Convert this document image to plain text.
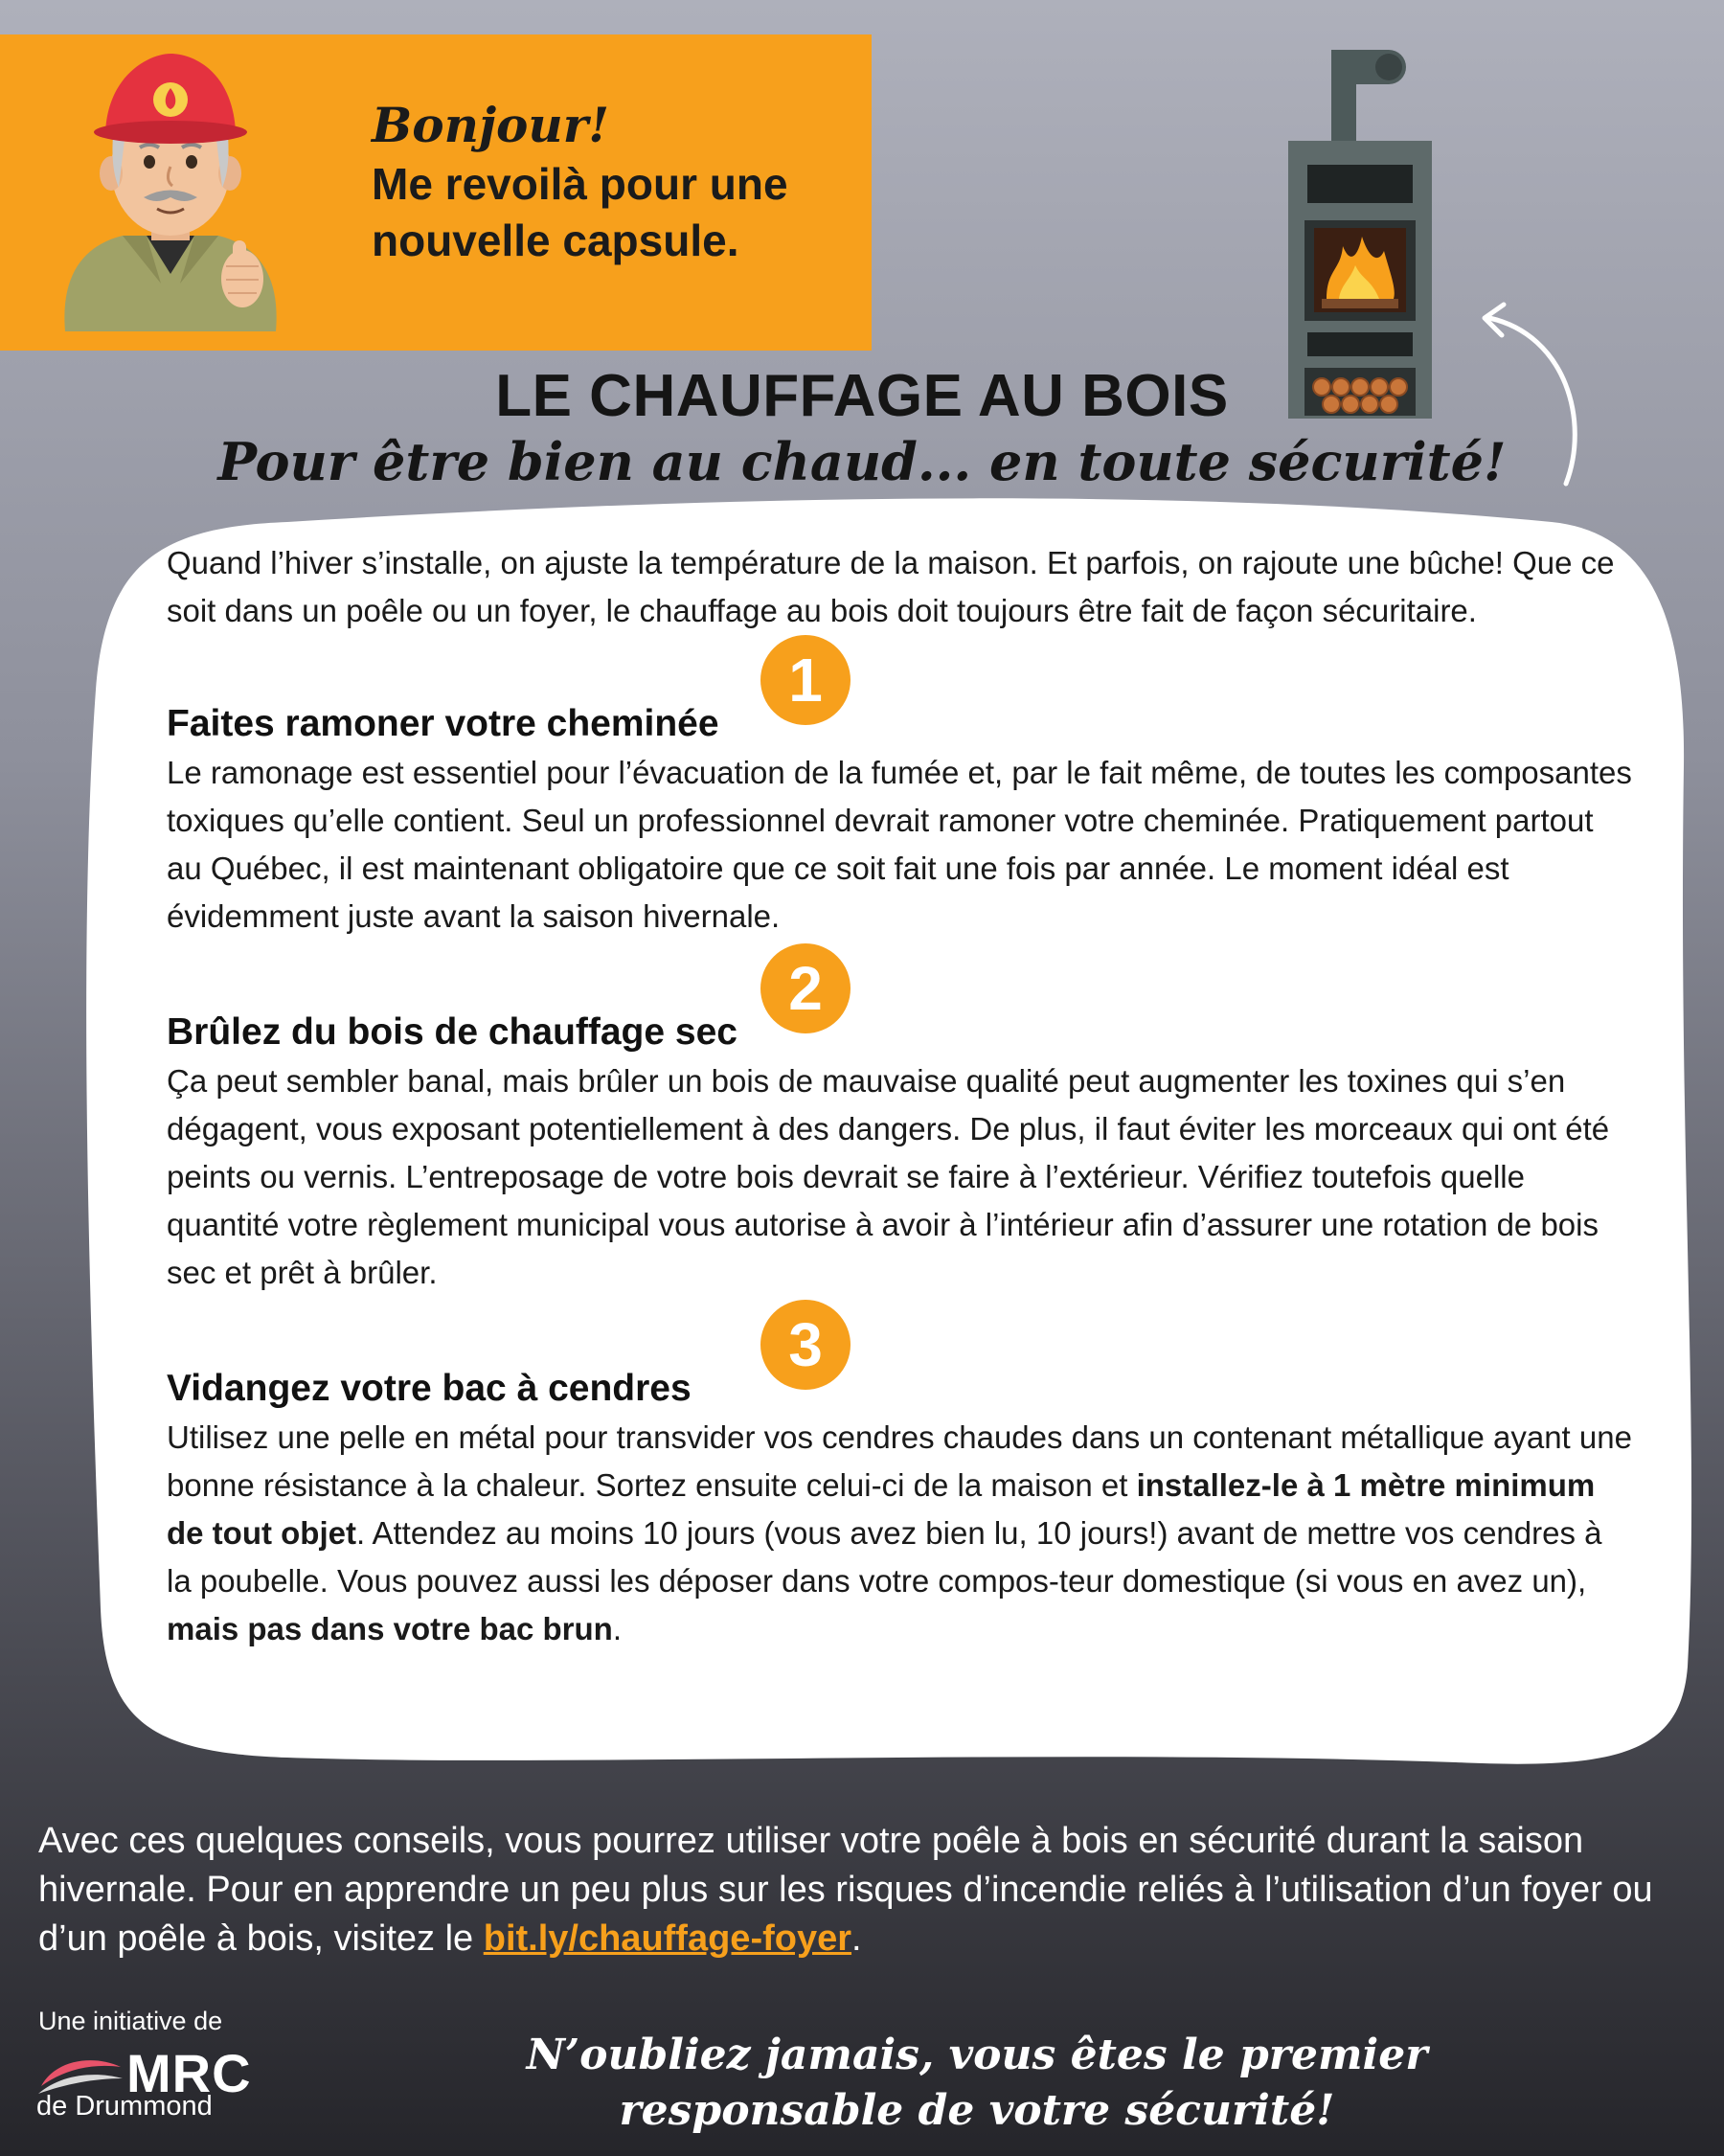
Bonjour!
Me revoilà pour une
nouvelle capsule.
LE CHAUFFAGE AU BOIS
Pour être bien au chaud... en toute sécurité!

Quand l’hiver s’installe, on ajuste la température de la maison. Et parfois, on rajoute une bûche! Que ce soit dans un poêle ou un foyer, le chauffage au bois doit toujours être fait de façon sécuritaire.

1

Faites ramoner votre cheminée

Le ramonage est essentiel pour l’évacuation de la fumée et, par le fait même, de toutes les composantes toxiques qu’elle contient. Seul un professionnel devrait ramoner votre cheminée. Pratiquement partout au Québec, il est maintenant obligatoire que ce soit fait une fois par année. Le moment idéal est évidemment juste avant la saison hivernale.

2

Brûlez du bois de chauffage sec

Ça peut sembler banal, mais brûler un bois de mauvaise qualité peut augmenter les toxines qui s’en dégagent, vous exposant potentiellement à des dangers. De plus, il faut éviter les morceaux qui ont été peints ou vernis. L’entreposage de votre bois devrait se faire à l’extérieur. Vérifiez toutefois quelle quantité votre règlement municipal vous autorise à avoir à l’intérieur afin d’assurer une rotation de bois sec et prêt à brûler.

3

Vidangez votre bac à cendres

Utilisez une pelle en métal pour transvider vos cendres chaudes dans un contenant métallique ayant une bonne résistance à la chaleur. Sortez ensuite celui-ci de la maison et installez-le à 1 mètre minimum de tout objet. Attendez au moins 10 jours (vous avez bien lu, 10 jours!) avant de mettre vos cendres à la poubelle. Vous pouvez aussi les déposer dans votre compos-teur domestique (si vous en avez un), mais pas dans votre bac brun.

Avec ces quelques conseils, vous pourrez utiliser votre poêle à bois en sécurité durant la saison hivernale. Pour en apprendre un peu plus sur les risques d’incendie reliés à l’utilisation d’un foyer ou d’un poêle à bois, visitez le bit.ly/chauffage-foyer.
Une initiative de
MRC
de Drummond
N’oubliez jamais, vous êtes le premier
responsable de votre sécurité!
